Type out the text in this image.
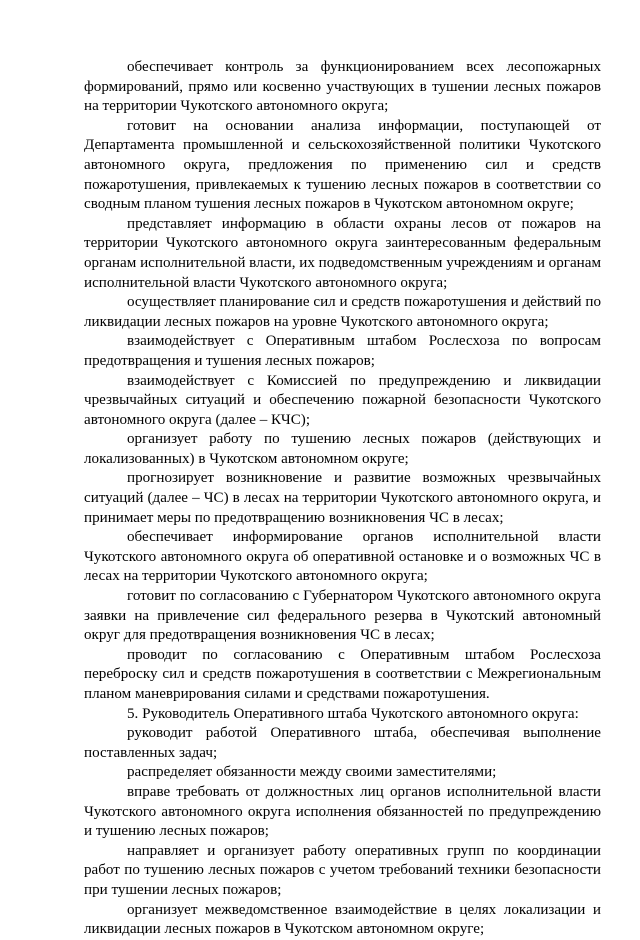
обеспечивает контроль за функционированием всех лесопожарных формирований, прямо или косвенно участвующих в тушении лесных пожаров на территории Чукотского автономного округа;

готовит на основании анализа информации, поступающей от Департамента промышленной и сельскохозяйственной политики Чукотского автономного округа, предложения по применению сил и средств пожаротушения, привлекаемых к тушению лесных пожаров в соответствии со сводным планом тушения лесных пожаров в Чукотском автономном округе;

представляет информацию в области охраны лесов от пожаров на территории Чукотского автономного округа заинтересованным федеральным органам исполнительной власти, их подведомственным учреждениям и органам исполнительной власти Чукотского автономного округа;

осуществляет планирование сил и средств пожаротушения и действий по ликвидации лесных пожаров на уровне Чукотского автономного округа;

взаимодействует с Оперативным штабом Рослесхоза по вопросам предотвращения и тушения лесных пожаров;

взаимодействует с Комиссией по предупреждению и ликвидации чрезвычайных ситуаций и обеспечению пожарной безопасности Чукотского автономного округа (далее – КЧС);

организует работу по тушению лесных пожаров (действующих и локализованных) в Чукотском автономном округе;

прогнозирует возникновение и развитие возможных чрезвычайных ситуаций (далее – ЧС) в лесах на территории Чукотского автономного округа, и принимает меры по предотвращению возникновения ЧС в лесах;

обеспечивает информирование органов исполнительной власти Чукотского автономного округа об оперативной остановке и о возможных ЧС в лесах на территории Чукотского автономного округа;

готовит по согласованию с Губернатором Чукотского автономного округа заявки на привлечение сил федерального резерва в Чукотский автономный округ для предотвращения возникновения ЧС в лесах;

проводит по согласованию с Оперативным штабом Рослесхоза переброску сил и средств пожаротушения в соответствии с Межрегиональным планом маневрирования силами и средствами пожаротушения.

5. Руководитель Оперативного штаба Чукотского автономного округа:

руководит работой Оперативного штаба, обеспечивая выполнение поставленных задач;

распределяет обязанности между своими заместителями;

вправе требовать от должностных лиц органов исполнительной власти Чукотского автономного округа исполнения обязанностей по предупреждению и тушению лесных пожаров;

направляет и организует работу оперативных групп по координации работ по тушению лесных пожаров с учетом требований техники безопасности при тушении лесных пожаров;

организует межведомственное взаимодействие в целях локализации и ликвидации лесных пожаров в Чукотском автономном округе;
